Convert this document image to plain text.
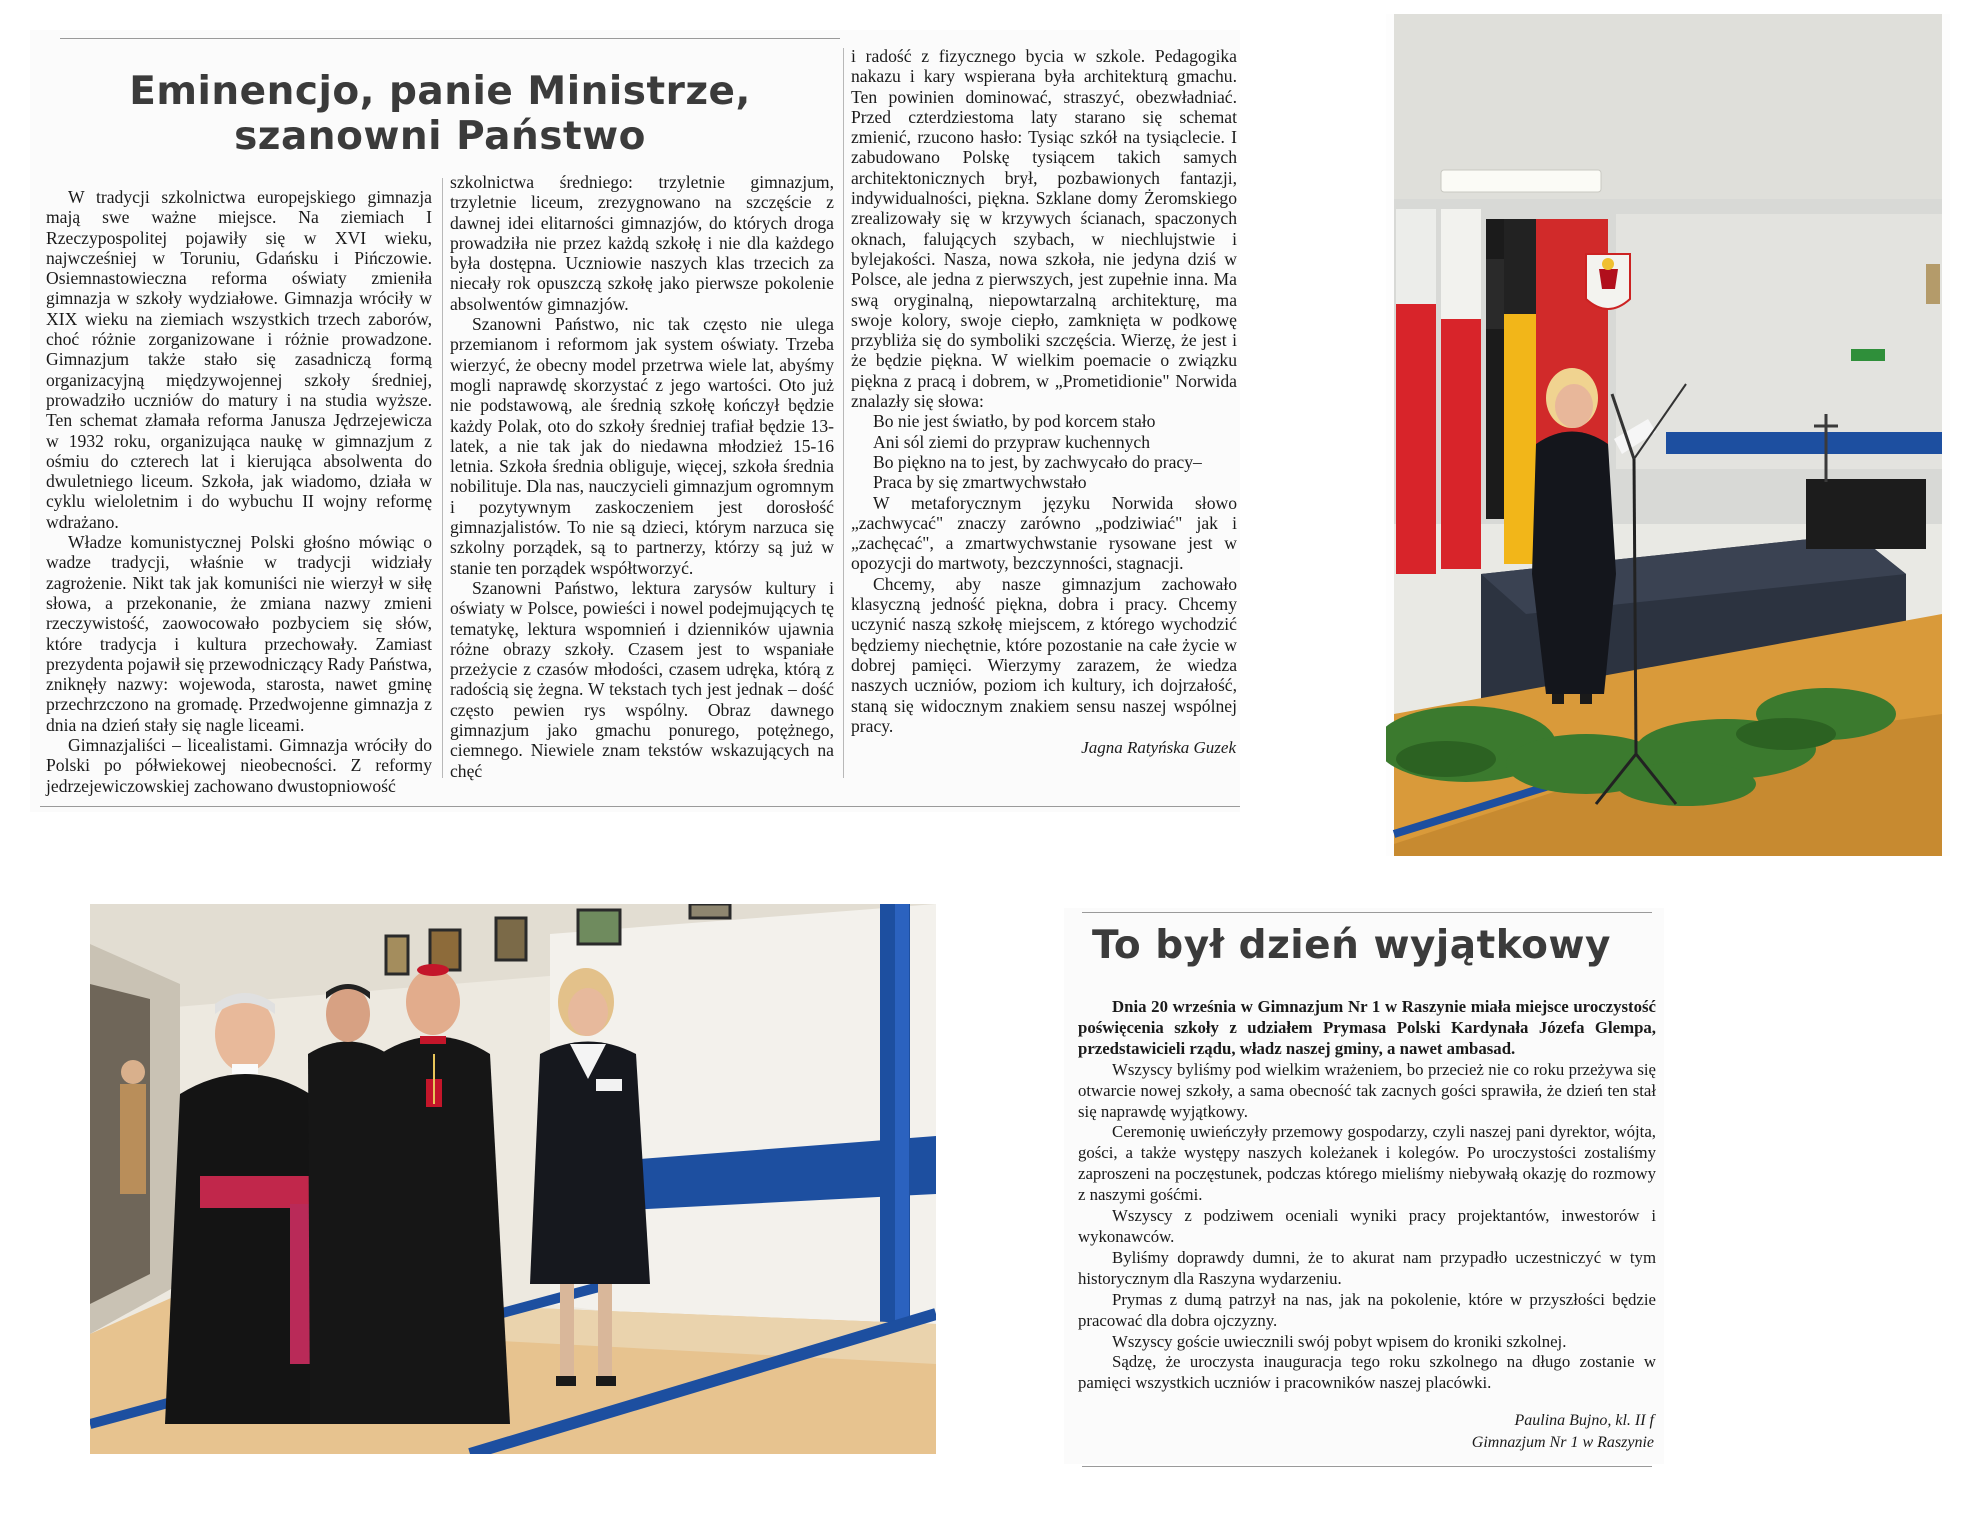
Eminencjo, panie Ministrze,
szanowni Państwo

W tradycji szkolnictwa europejskiego gimnazja mają swe ważne miejsce. Na ziemiach I Rzeczypospolitej pojawiły się w XVI wieku, najwcześniej w Toruniu, Gdańsku i Pińczowie. Osiemnastowieczna reforma oświaty zmieniła gimnazja w szkoły wydziałowe. Gimnazja wróciły w XIX wieku na ziemiach wszystkich trzech zaborów, choć różnie zorganizowane i różnie prowadzone. Gimnazjum także stało się zasadniczą formą organizacyjną międzywojennej szkoły średniej, prowadziło uczniów do matury i na studia wyższe. Ten schemat złamała reforma Janusza Jędrzejewicza w 1932 roku, organizująca naukę w gimnazjum z ośmiu do czterech lat i kierująca absolwenta do dwuletniego liceum. Szkoła, jak wiadomo, działa w cyklu wieloletnim i do wybuchu II wojny reformę wdrażano.

Władze komunistycznej Polski głośno mówiąc o wadze tradycji, właśnie w tradycji widziały zagrożenie. Nikt tak jak komuniści nie wierzył w siłę słowa, a przekonanie, że zmiana nazwy zmieni rzeczywistość, zaowocowało pozbyciem się słów, które tradycja i kultura przechowały. Zamiast prezydenta pojawił się przewodniczący Rady Państwa, zniknęły nazwy: wojewoda, starosta, nawet gminę przechrzczono na gromadę. Przedwojenne gimnazja z dnia na dzień stały się nagle liceami.

Gimnazjaliści – licealistami. Gimnazja wróciły do Polski po półwiekowej nieobecności. Z reformy jedrzejewiczowskiej zachowano dwustopniowość

szkolnictwa średniego: trzyletnie gimnazjum, trzyletnie liceum, zrezygnowano na szczęście z dawnej idei elitarności gimnazjów, do których droga prowadziła nie przez każdą szkołę i nie dla każdego była dostępna. Uczniowie naszych klas trzecich za niecały rok opuszczą szkołę jako pierwsze pokolenie absolwentów gimnazjów.

Szanowni Państwo, nic tak często nie ulega przemianom i reformom jak system oświaty. Trzeba wierzyć, że obecny model przetrwa wiele lat, abyśmy mogli naprawdę skorzystać z jego wartości. Oto już nie podstawową, ale średnią szkołę kończył będzie każdy Polak, oto do szkoły średniej trafiał będzie 13-latek, a nie tak jak do niedawna młodzież 15-16 letnia. Szkoła średnia obliguje, więcej, szkoła średnia nobilituje. Dla nas, nauczycieli gimnazjum ogromnym i pozytywnym zaskoczeniem jest dorosłość gimnazjalistów. To nie są dzieci, którym narzuca się szkolny porządek, są to partnerzy, którzy są już w stanie ten porządek współtworzyć.

Szanowni Państwo, lektura zarysów kultury i oświaty w Polsce, powieści i nowel podejmujących tę tematykę, lektura wspomnień i dzienników ujawnia różne obrazy szkoły. Czasem jest to wspaniałe przeżycie z czasów młodości, czasem udręka, którą z radością się żegna. W tekstach tych jest jednak – dość często pewien rys wspólny. Obraz dawnego gimnazjum jako gmachu ponurego, potężnego, ciemnego. Niewiele znam tekstów wskazujących na chęć

i radość z fizycznego bycia w szkole. Pedagogika nakazu i kary wspierana była architekturą gmachu. Ten powinien dominować, straszyć, obezwładniać. Przed czterdziestoma laty starano się schemat zmienić, rzucono hasło: Tysiąc szkół na tysiąclecie. I zabudowano Polskę tysiącem takich samych architektonicznych brył, pozbawionych fantazji, indywidualności, piękna. Szklane domy Żeromskiego zrealizowały się w krzywych ścianach, spaczonych oknach, falujących szybach, w niechlujstwie i bylejakości. Nasza, nowa szkoła, nie jedyna dziś w Polsce, ale jedna z pierwszych, jest zupełnie inna. Ma swą oryginalną, niepowtarzalną architekturę, ma swoje kolory, swoje ciepło, zamknięta w podkowę przybliża się do symboliki szczęścia. Wierzę, że jest i że będzie piękna. W wielkim poemacie o związku piękna z pracą i dobrem, w „Prometidionie" Norwida znalazły się słowa:

Bo nie jest światło, by pod korcem stało

Ani sól ziemi do przypraw kuchennych

Bo piękno na to jest, by zachwycało do pracy–

Praca by się zmartwychwstało

W metaforycznym języku Norwida słowo „zachwycać" znaczy zarówno „podziwiać" jak i „zachęcać", a zmartwychwstanie rysowane jest w opozycji do martwoty, bezczynności, stagnacji.

Chcemy, aby nasze gimnazjum zachowało klasyczną jedność piękna, dobra i pracy. Chcemy uczynić naszą szkołę miejscem, z którego wychodzić będziemy niechętnie, które pozostanie na całe życie w dobrej pamięci. Wierzymy zarazem, że wiedza naszych uczniów, poziom ich kultury, ich dojrzałość, staną się widocznym znakiem sensu naszej wspólnej pracy.

Jagna Ratyńska Guzek
To był dzień wyjątkowy

Dnia 20 września w Gimnazjum Nr 1 w Raszynie miała miejsce uroczystość poświęcenia szkoły z udziałem Prymasa Polski Kardynała Józefa Glempa, przedstawicieli rządu, władz naszej gminy, a nawet ambasad.

Wszyscy byliśmy pod wielkim wrażeniem, bo przecież nie co roku przeżywa się otwarcie nowej szkoły, a sama obecność tak zacnych gości sprawiła, że dzień ten stał się naprawdę wyjątkowy.

Ceremonię uwieńczyły przemowy gospodarzy, czyli naszej pani dyrektor, wójta, gości, a także występy naszych koleżanek i kolegów. Po uroczystości zostaliśmy zaproszeni na poczęstunek, podczas którego mieliśmy niebywałą okazję do rozmowy z naszymi gośćmi.

Wszyscy z podziwem oceniali wyniki pracy projektantów, inwestorów i wykonawców.

Byliśmy doprawdy dumni, że to akurat nam przypadło uczestniczyć w tym historycznym dla Raszyna wydarzeniu.

Prymas z dumą patrzył na nas, jak na pokolenie, które w przyszłości będzie pracować dla dobra ojczyzny.

Wszyscy goście uwiecznili swój pobyt wpisem do kroniki szkolnej.

Sądzę, że uroczysta inauguracja tego roku szkolnego na długo zostanie w pamięci wszystkich uczniów i pracowników naszej placówki.

Paulina Bujno, kl. II f
Gimnazjum Nr 1 w Raszynie
